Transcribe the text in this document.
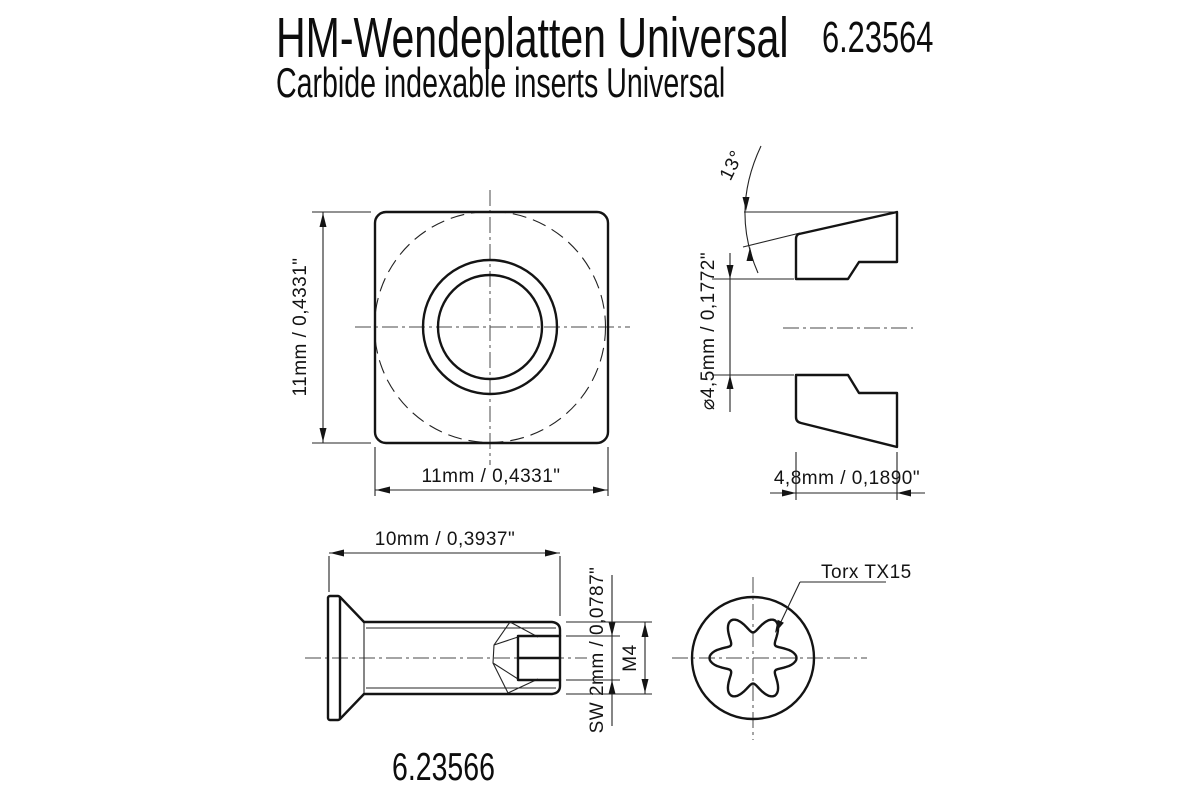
HM-Wendeplatten Universal 6.23564
Carbide indexable inserts Universal
6.23566
11mm / 0,4331"
11mm / 0,4331"
13°
⌀4,5mm / 0,1772"
4,8mm / 0,1890"
10mm / 0,3937"
SW 2mm / 0,0787" M4
Torx TX15
